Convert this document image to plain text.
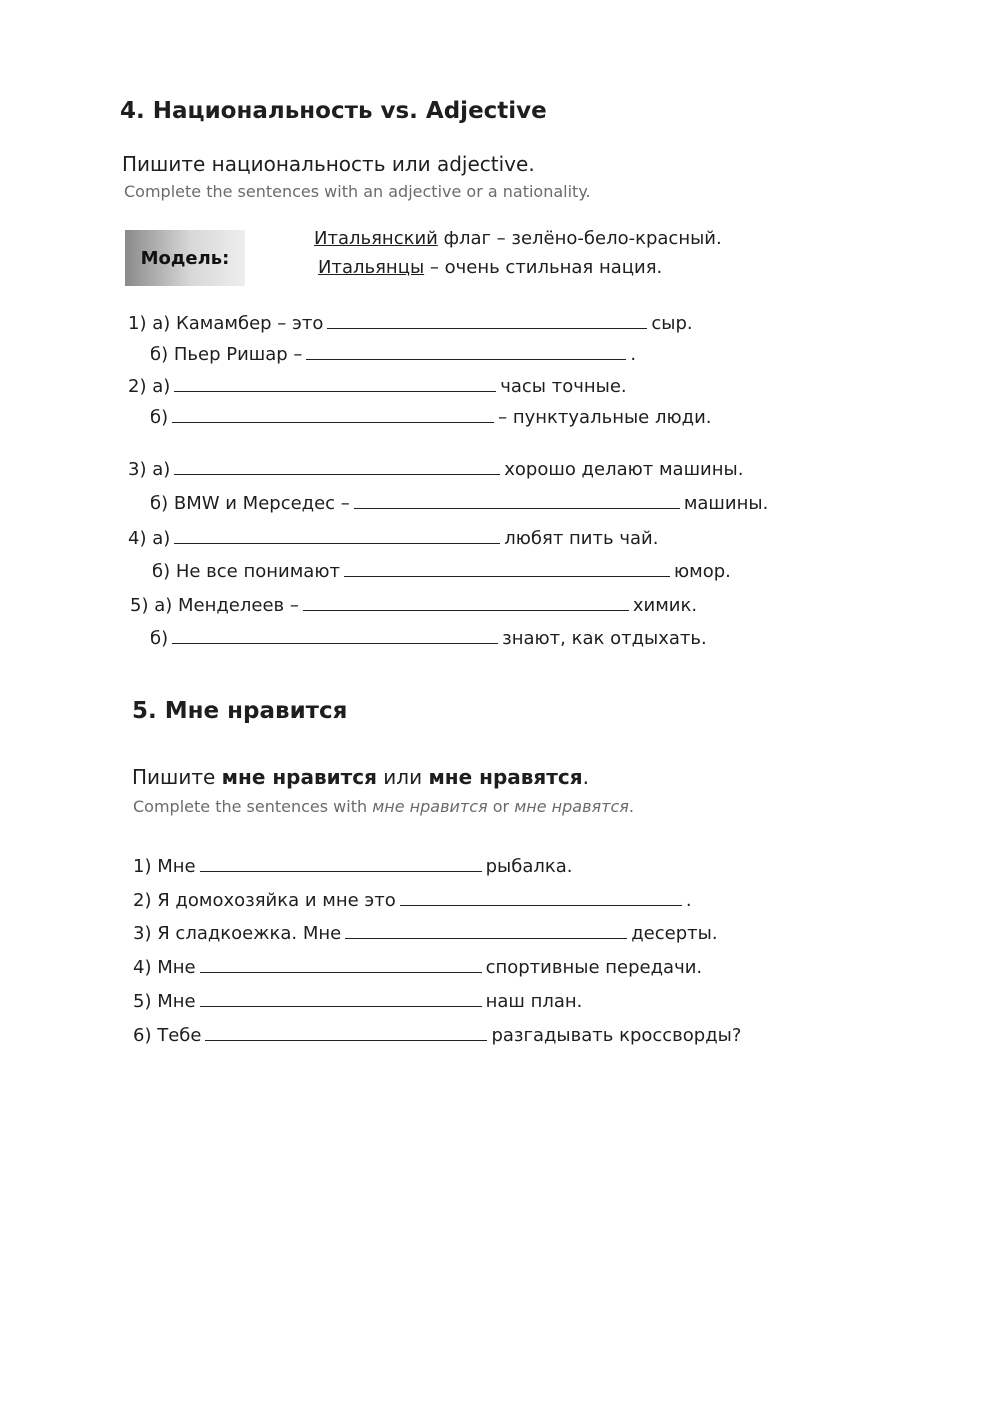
4. Национальность vs. Adjective
Пишите национальность или adjective.
Complete the sentences with an adjective or a nationality.
Модель:
Итальянский флаг – зелёно-бело-красный.
Итальянцы – очень стильная нация.
1) а) Камамбер – это	сыр.
б) Пьер Ришар –	.
2) а)	часы точные.
б)	– пунктуальные люди.
3) а)	хорошо делают машины.
б) BMW и Мерседес –	машины.
4) а)	любят пить чай.
б) Не все понимают	юмор.
5) а) Менделеев –	химик.
б)	знают, как отдыхать.
5. Мне нравится
Пишите мне нравится или мне нравятся.
Complete the sentences with мне нравится or мне нравятся.
1) Мне	рыбалка.
2) Я домохозяйка и мне это	.
3) Я сладкоежка. Мне	десерты.
4) Мне	спортивные передачи.
5) Мне	наш план.
6) Тебе	разгадывать кроссворды?
